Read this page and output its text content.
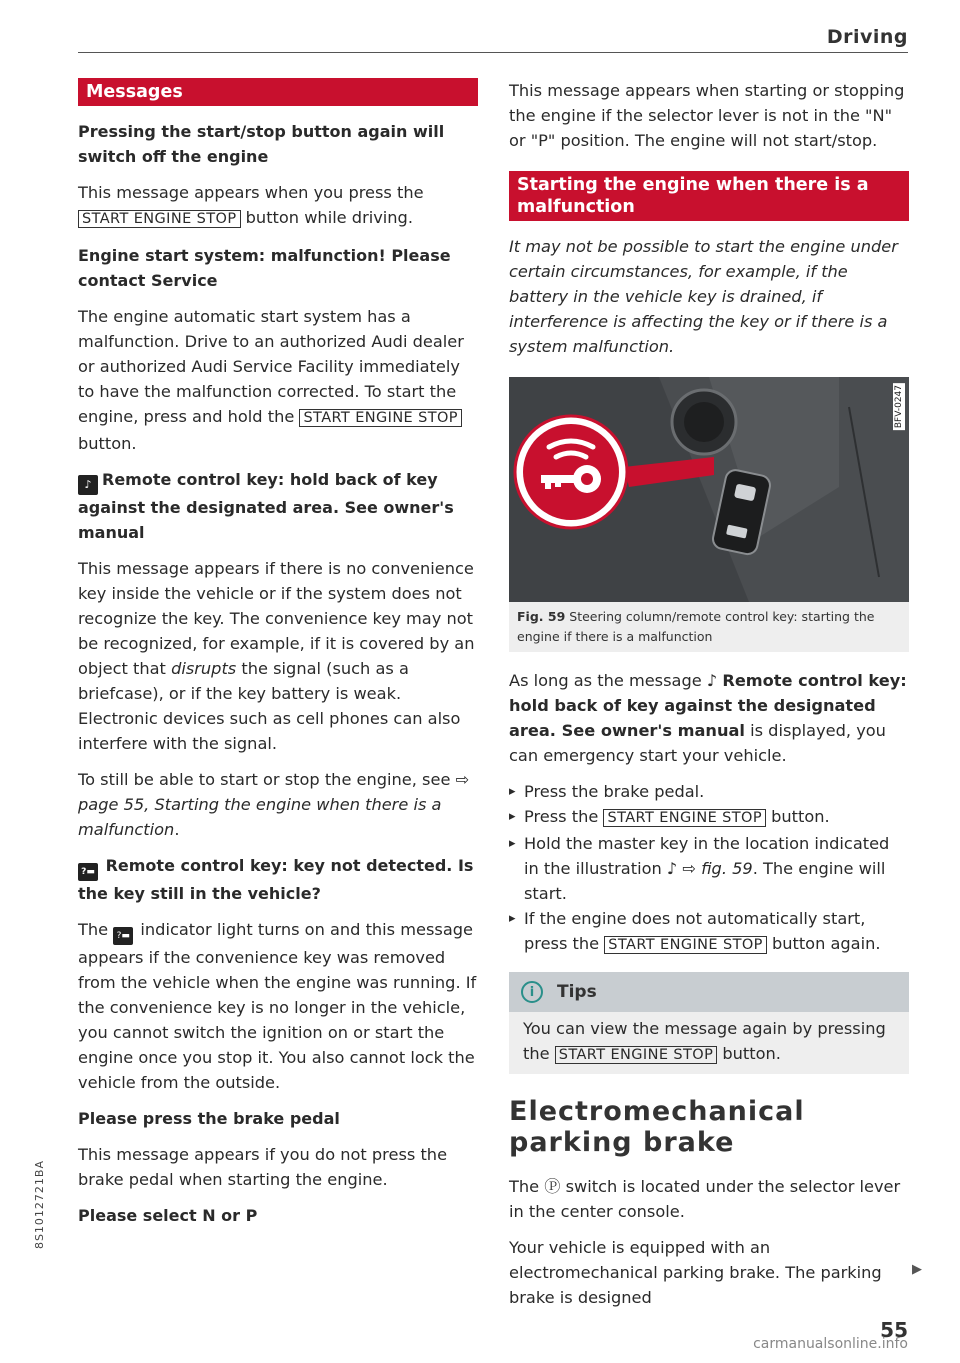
Driving
Messages
Pressing the start/stop button again will switch off the engine

This message appears when you press the START ENGINE STOP button while driving.

Engine start system: malfunction! Please contact Service

The engine automatic start system has a malfunction. Drive to an authorized Audi dealer or authorized Audi Service Facility immediately to have the malfunction corrected. To start the engine, press and hold the START ENGINE STOP
button.

♪ Remote control key: hold back of key against the designated area. See owner's manual

This message appears if there is no convenience key inside the vehicle or if the system does not recognize the key. The convenience key may not be recognized, for example, if it is covered by an object that disrupts the signal (such as a briefcase), or if the key battery is weak. Electronic devices such as cell phones can also interfere with the signal.

To still be able to start or stop the engine, see ⇨ page 55, Starting the engine when there is a malfunction.

?▬ Remote control key: key not detected. Is the key still in the vehicle?

The ?▬ indicator light turns on and this message appears if the convenience key was removed from the vehicle when the engine was running. If the convenience key is no longer in the vehicle, you cannot switch the ignition on or start the engine once you stop it. You also cannot lock the vehicle from the outside.

Please press the brake pedal

This message appears if you do not press the brake pedal when starting the engine.

Please select N or P

This message appears when starting or stopping the engine if the selector lever is not in the "N" or "P" position. The engine will not start/stop.

Starting the engine when there is a malfunction
It may not be possible to start the engine under certain circumstances, for example, if the battery in the vehicle key is drained, if interference is affecting the key or if there is a system malfunction.
BFV-0247
Fig. 59 Steering column/remote control key: starting the engine if there is a malfunction

As long as the message ♪ Remote control key: hold back of key against the designated area. See owner's manual is displayed, you can emergency start your vehicle.

▸ Press the brake pedal.
▸ Press the START ENGINE STOP button.
▸ Hold the master key in the location indicated in the illustration ♪ ⇨ fig. 59. The engine will start.
▸ If the engine does not automatically start, press the START ENGINE STOP button again.
i	Tips
You can view the message again by pressing the START ENGINE STOP button.
Electromechanical parking brake

The Ⓟ switch is located under the selector lever in the center console.

Your vehicle is equipped with an electromechanical parking brake. The parking brake is designed

▶
8S1012721BA
55
carmanualsonline.info
